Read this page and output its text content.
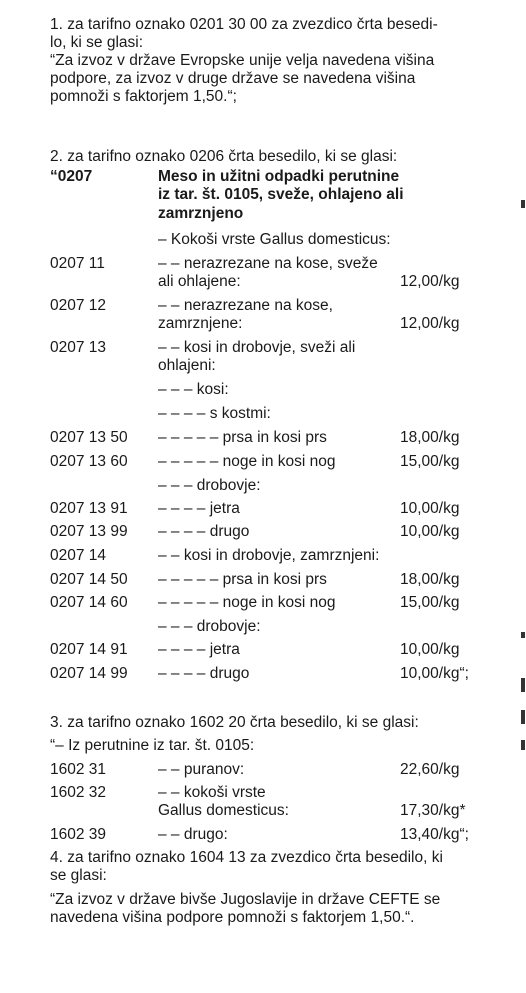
1. za tarifno oznako 0201 30 00 za zvezdico črta besedi-
lo, ki se glasi:
“Za izvoz v države Evropske unije velja navedena višina
podpore, za izvoz v druge države se navedena višina
pomnoži s faktorjem 1,50.“;
2. za tarifno oznako 0206 črta besedilo, ki se glasi:
“0207	Meso in užitni odpadki perutnine
iz tar. št. 0105, sveže, ohlajeno ali
zamrznjeno
– Kokoši vrste Gallus domesticus:
0207 11	– – nerazrezane na kose, sveže
ali ohlajene:	12,00/kg
0207 12	– – nerazrezane na kose,
zamrznjene:	12,00/kg
0207 13	– – kosi in drobovje, sveži ali
ohlajeni:
– – – kosi:
– – – – s kostmi:
0207 13 50 – – – – – prsa in kosi prs	18,00/kg
0207 13 60 – – – – – noge in kosi nog	15,00/kg
– – – drobovje:
0207 13 91 – – – – jetra	10,00/kg
0207 13 99 – – – – drugo	10,00/kg
0207 14	– – kosi in drobovje, zamrznjeni:
0207 14 50 – – – – – prsa in kosi prs	18,00/kg
0207 14 60 – – – – – noge in kosi nog	15,00/kg
– – – drobovje:
0207 14 91 – – – – jetra	10,00/kg
0207 14 99 – – – – drugo	10,00/kg“;
3. za tarifno oznako 1602 20 črta besedilo, ki se glasi:
“– Iz perutnine iz tar. št. 0105:
1602 31	– – puranov:	22,60/kg
1602 32	– – kokoši vrste
Gallus domesticus:	17,30/kg*
1602 39	– – drugo:	13,40/kg“;
4. za tarifno oznako 1604 13 za zvezdico črta besedilo, ki
se glasi:
“Za izvoz v države bivše Jugoslavije in države CEFTE se
navedena višina podpore pomnoži s faktorjem 1,50.“.
